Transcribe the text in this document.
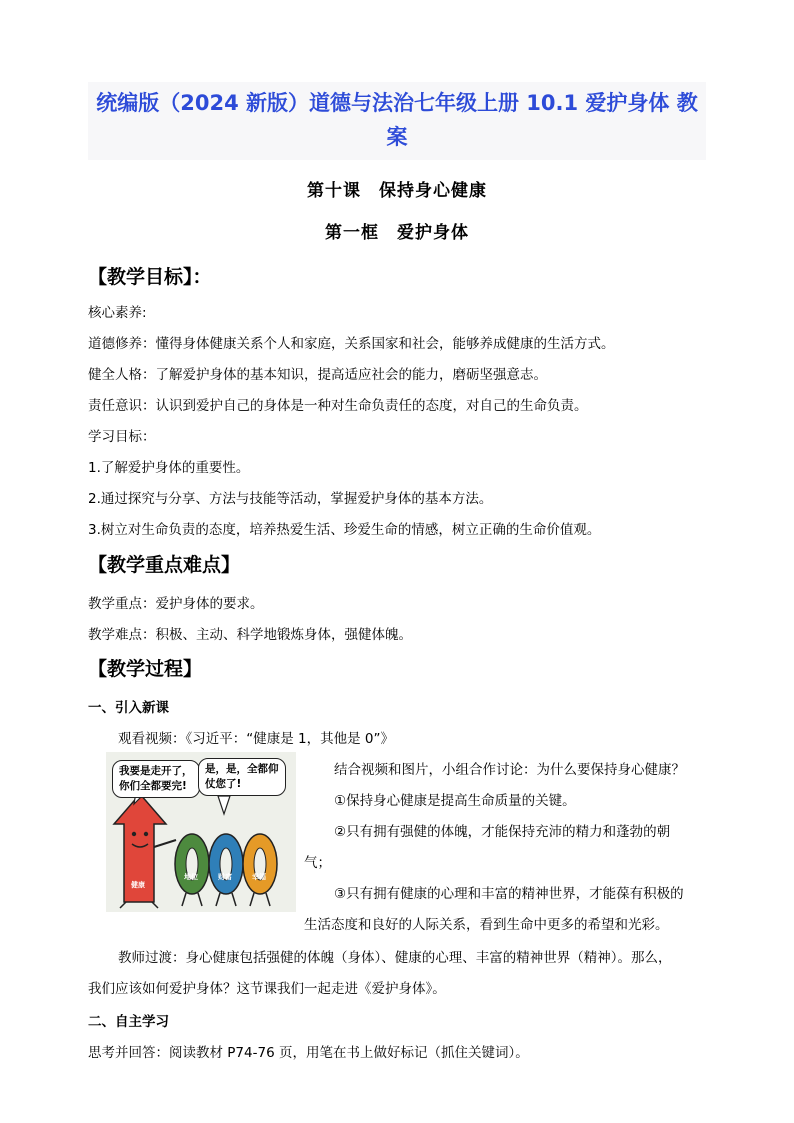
统编版（2024 新版）道德与法治七年级上册 10.1 爱护身体 教
案
第十课 保持身心健康
第一框 爱护身体
【教学目标】：
核心素养:
道德修养：懂得身体健康关系个人和家庭，关系国家和社会，能够养成健康的生活方式。
健全人格：了解爱护身体的基本知识，提高适应社会的能力，磨砺坚强意志。
责任意识：认识到爱护自己的身体是一种对生命负责任的态度，对自己的生命负责。
学习目标：
1.了解爱护身体的重要性。
2.通过探究与分享、方法与技能等活动，掌握爱护身体的基本方法。
3.树立对生命负责的态度，培养热爱生活、珍爱生命的情感，树立正确的生命价值观。
【教学重点难点】
教学重点：爱护身体的要求。
教学难点：积极、主动、科学地锻炼身体，强健体魄。
【教学过程】
一、引入新课
观看视频：《习近平：“健康是 1，其他是 0”》
我要是走开了，
你们全都要完!
是，是，全都仰
仗您了!
健康
地位	财富	幸福
结合视频和图片，小组合作讨论：为什么要保持身心健康？
①保持身心健康是提高生命质量的关键。
②只有拥有强健的体魄，才能保持充沛的精力和蓬勃的朝
气；
③只有拥有健康的心理和丰富的精神世界，才能葆有积极的
生活态度和良好的人际关系，看到生命中更多的希望和光彩。
教师过渡：身心健康包括强健的体魄（身体）、健康的心理、丰富的精神世界（精神）。那么，
我们应该如何爱护身体？这节课我们一起走进《爱护身体》。
二、自主学习
思考并回答：阅读教材 P74-76 页，用笔在书上做好标记（抓住关键词）。
